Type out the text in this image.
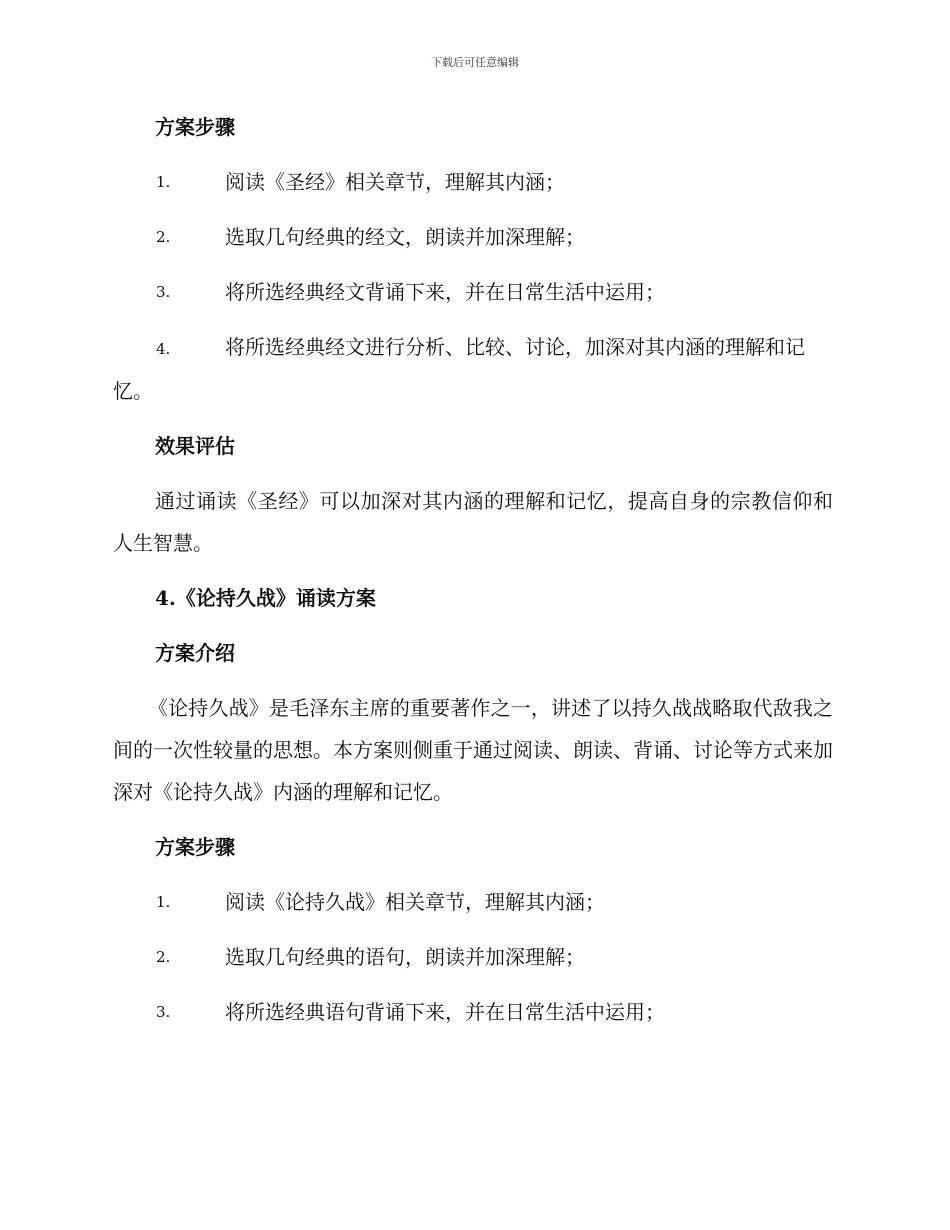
下载后可任意编辑
方案步骤
1.	阅读《圣经》相关章节，理解其内涵；
2.	选取几句经典的经文，朗读并加深理解；
3.	将所选经典经文背诵下来，并在日常生活中运用；
4.	将所选经典经文进行分析、比较、讨论，加深对其内涵的理解和记忆。
效果评估
通过诵读《圣经》可以加深对其内涵的理解和记忆，提高自身的宗教信仰和人生智慧。
4.《论持久战》诵读方案
方案介绍
《论持久战》是毛泽东主席的重要著作之一，讲述了以持久战战略取代敌我之间的一次性较量的思想。本方案则侧重于通过阅读、朗读、背诵、讨论等方式来加深对《论持久战》内涵的理解和记忆。
方案步骤
1.	阅读《论持久战》相关章节，理解其内涵；
2.	选取几句经典的语句，朗读并加深理解；
3.	将所选经典语句背诵下来，并在日常生活中运用；
